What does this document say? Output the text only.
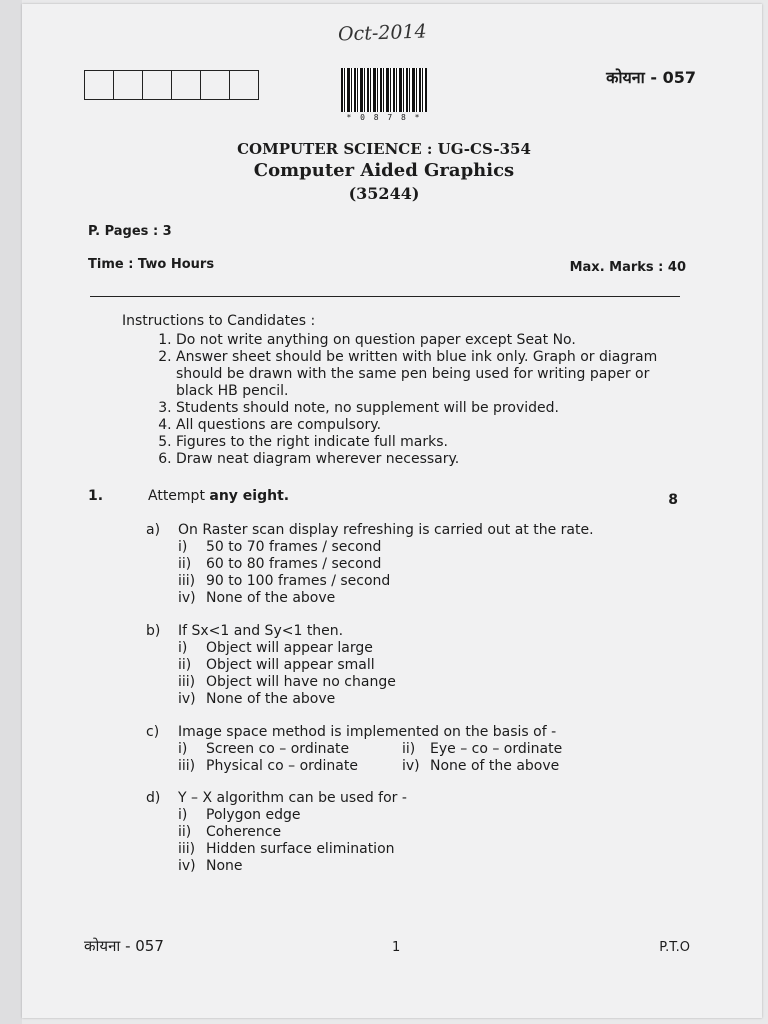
Oct-2014
* 0 8 7 8 *
कोयना - 057
COMPUTER SCIENCE : UG-CS-354
Computer Aided Graphics
(35244)
P. Pages : 3
Time : Two Hours	Max. Marks : 40
Instructions to Candidates :
1. Do not write anything on question paper except Seat No.
2. Answer sheet should be written with blue ink only. Graph or diagram should be drawn with the same pen being used for writing paper or black HB pencil.
3. Students should note, no supplement will be provided.
4. All questions are compulsory.
5. Figures to the right indicate full marks.
6. Draw neat diagram wherever necessary.
1.	Attempt any eight.	8
a)	On Raster scan display refreshing is carried out at the rate.
i)	50 to 70 frames / second
ii)	60 to 80 frames / second
iii) 90 to 100 frames / second
iv) None of the above
b)	If Sx<1 and Sy<1 then.
i)	Object will appear large
ii)	Object will appear small
iii) Object will have no change
iv) None of the above
c)	Image space method is implemented on the basis of -
i)	Screen co – ordinate	ii)	Eye – co – ordinate
iii) Physical co – ordinate	iv) None of the above
d)	Y – X algorithm can be used for -
i)	Polygon edge
ii)	Coherence
iii) Hidden surface elimination
iv) None
कोयना - 057	1	P.T.O
